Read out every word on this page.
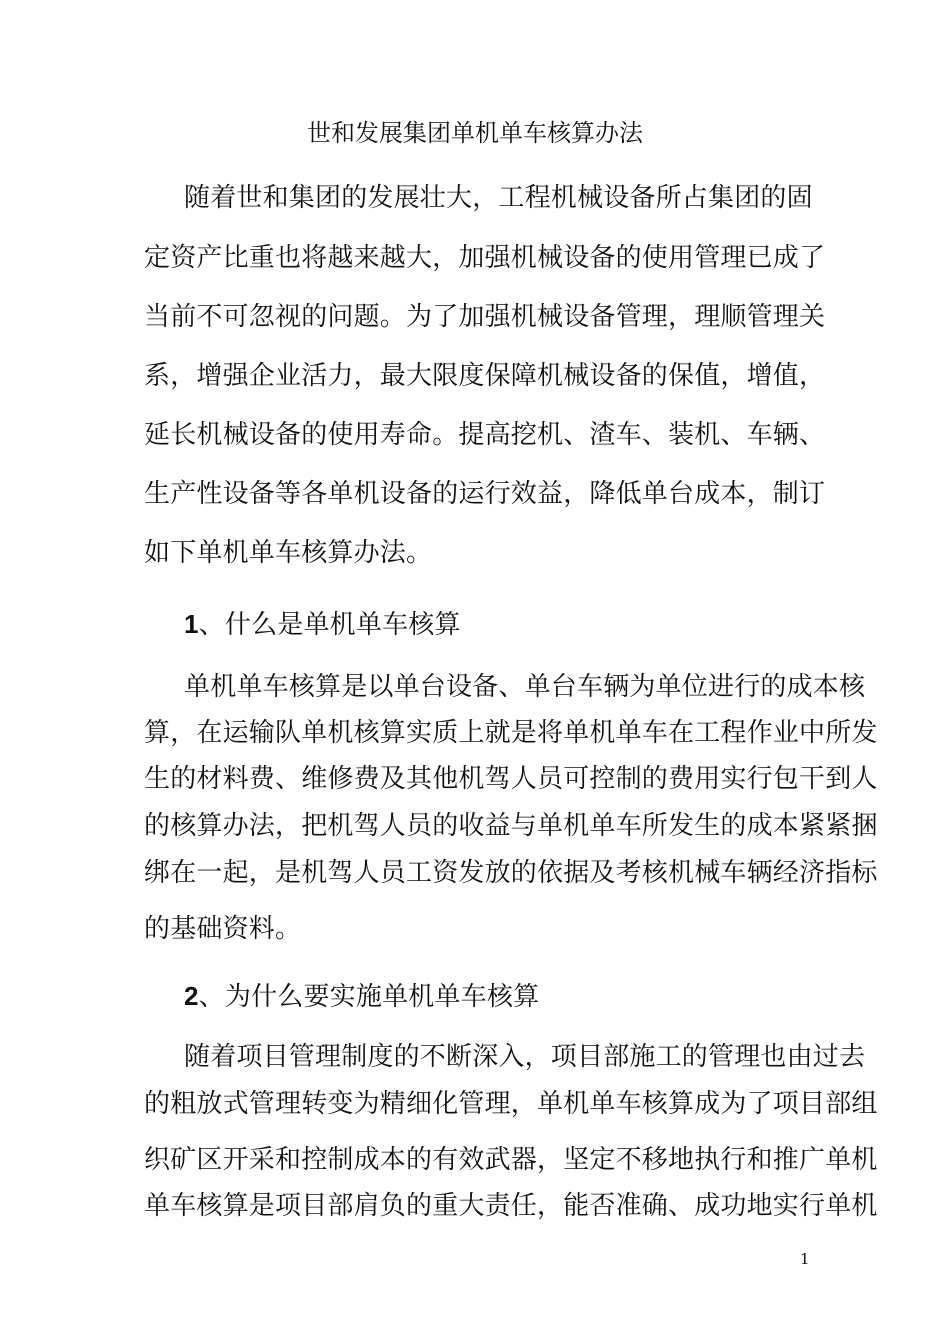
世和发展集团单机单车核算办法
随着世和集团的发展壮大，工程机械设备所占集团的固
定资产比重也将越来越大，加强机械设备的使用管理已成了
当前不可忽视的问题。为了加强机械设备管理，理顺管理关
系，增强企业活力，最大限度保障机械设备的保值，增值，
延长机械设备的使用寿命。提高挖机、渣车、装机、车辆、
生产性设备等各单机设备的运行效益，降低单台成本，制订
如下单机单车核算办法。
1、什么是单机单车核算
单机单车核算是以单台设备、单台车辆为单位进行的成本核
算，在运输队单机核算实质上就是将单机单车在工程作业中所发
生的材料费、维修费及其他机驾人员可控制的费用实行包干到人
的核算办法，把机驾人员的收益与单机单车所发生的成本紧紧捆
绑在一起，是机驾人员工资发放的依据及考核机械车辆经济指标
的基础资料。
2、为什么要实施单机单车核算
随着项目管理制度的不断深入，项目部施工的管理也由过去
的粗放式管理转变为精细化管理，单机单车核算成为了项目部组
织矿区开采和控制成本的有效武器，坚定不移地执行和推广单机
单车核算是项目部肩负的重大责任，能否准确、成功地实行单机
1
